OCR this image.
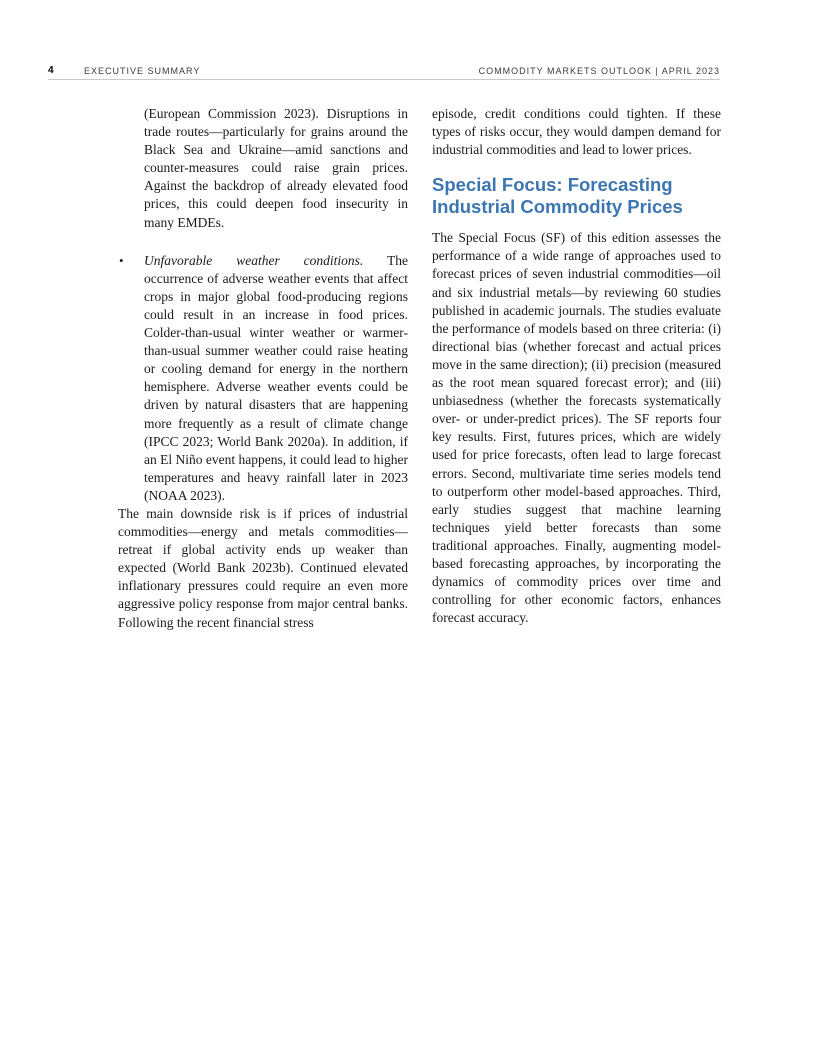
4	EXECUTIVE SUMMARY	COMMODITY MARKETS OUTLOOK | APRIL 2023

(European Commission 2023). Disruptions in trade routes—particularly for grains around the Black Sea and Ukraine—amid sanctions and counter-measures could raise grain prices. Against the backdrop of already elevated food prices, this could deepen food insecurity in many EMDEs.

• Unfavorable weather conditions. The occurrence of adverse weather events that affect crops in major global food-producing regions could result in an increase in food prices. Colder-than-usual winter weather or warmer-than-usual summer weather could raise heating or cooling demand for energy in the northern hemisphere. Adverse weather events could be driven by natural disasters that are happening more frequently as a result of climate change (IPCC 2023; World Bank 2020a). In addition, if an El Niño event happens, it could lead to higher temperatures and heavy rainfall later in 2023 (NOAA 2023).

The main downside risk is if prices of industrial commodities—energy and metals commodities—retreat if global activity ends up weaker than expected (World Bank 2023b). Continued elevated inflationary pressures could require an even more aggressive policy response from major central banks. Following the recent financial stress

episode, credit conditions could tighten. If these types of risks occur, they would dampen demand for industrial commodities and lead to lower prices.

Special Focus: Forecasting Industrial Commodity Prices

The Special Focus (SF) of this edition assesses the performance of a wide range of approaches used to forecast prices of seven industrial commodities—oil and six industrial metals—by reviewing 60 studies published in academic journals. The studies evaluate the performance of models based on three criteria: (i) directional bias (whether forecast and actual prices move in the same direction); (ii) precision (measured as the root mean squared forecast error); and (iii) unbiasedness (whether the forecasts systematically over- or under-predict prices). The SF reports four key results. First, futures prices, which are widely used for price forecasts, often lead to large forecast errors. Second, multivariate time series models tend to outperform other model-based approaches. Third, early studies suggest that machine learning techniques yield better forecasts than some traditional approaches. Finally, augmenting model-based forecasting approaches, by incorporating the dynamics of commodity prices over time and controlling for other economic factors, enhances forecast accuracy.
